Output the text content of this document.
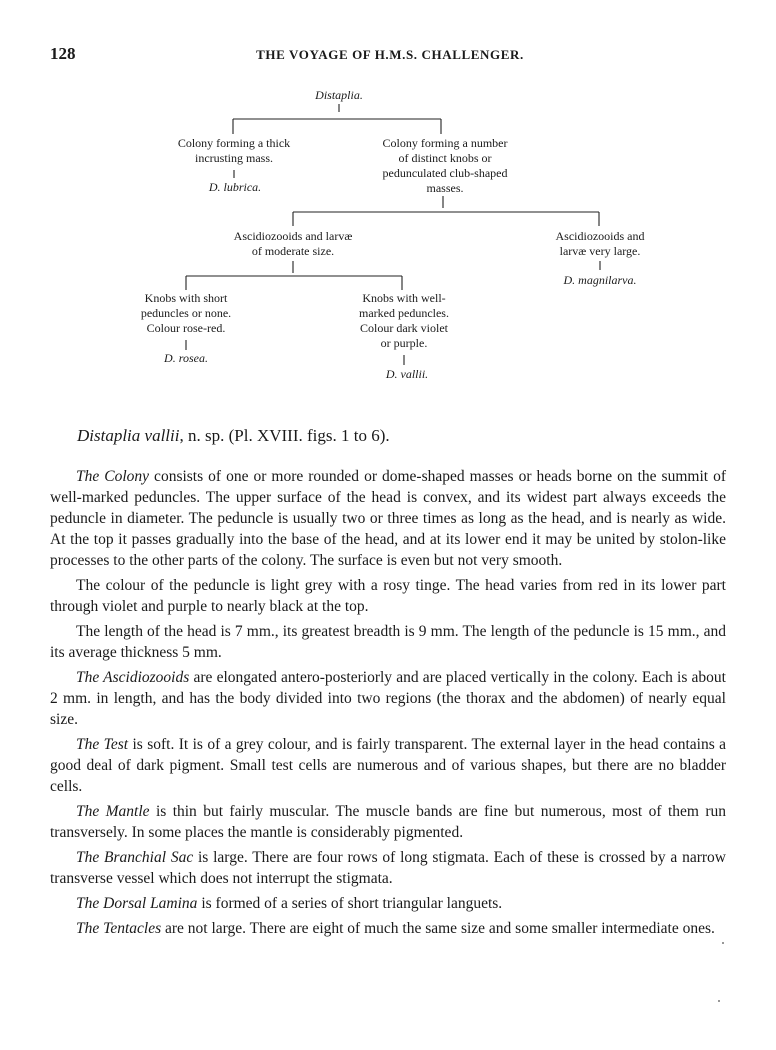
128	THE VOYAGE OF H.M.S. CHALLENGER.
Distaplia.
Colony forming a thick
incrusting mass.
D. lubrica.
Colony forming a number
of distinct knobs or
pedunculated club-shaped
masses.
Ascidiozooids and larvæ
of moderate size.
Ascidiozooids and
larvæ very large.
D. magnilarva.
Knobs with short
peduncles or none.
Colour rose-red.
D. rosea.
Knobs with well-
marked peduncles.
Colour dark violet
or purple.
D. vallii.
Distaplia vallii, n. sp. (Pl. XVIII. figs. 1 to 6).

The Colony consists of one or more rounded or dome-shaped masses or heads borne on the summit of well-marked peduncles. The upper surface of the head is convex, and its widest part always exceeds the peduncle in diameter. The peduncle is usually two or three times as long as the head, and is nearly as wide. At the top it passes gradually into the base of the head, and at its lower end it may be united by stolon-like processes to the other parts of the colony. The surface is even but not very smooth.

The colour of the peduncle is light grey with a rosy tinge. The head varies from red in its lower part through violet and purple to nearly black at the top.

The length of the head is 7 mm., its greatest breadth is 9 mm. The length of the peduncle is 15 mm., and its average thickness 5 mm.

The Ascidiozooids are elongated antero-posteriorly and are placed vertically in the colony. Each is about 2 mm. in length, and has the body divided into two regions (the thorax and the abdomen) of nearly equal size.

The Test is soft. It is of a grey colour, and is fairly transparent. The external layer in the head contains a good deal of dark pigment. Small test cells are numerous and of various shapes, but there are no bladder cells.

The Mantle is thin but fairly muscular. The muscle bands are fine but numerous, most of them run transversely. In some places the mantle is considerably pigmented.

The Branchial Sac is large. There are four rows of long stigmata. Each of these is crossed by a narrow transverse vessel which does not interrupt the stigmata.

The Dorsal Lamina is formed of a series of short triangular languets.

The Tentacles are not large. There are eight of much the same size and some smaller intermediate ones.
